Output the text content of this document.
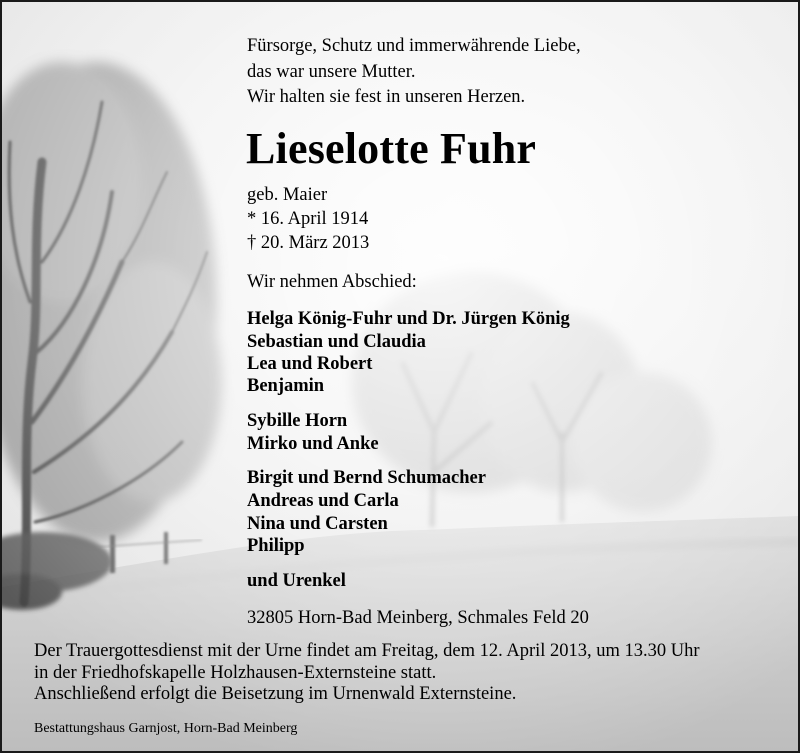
Fürsorge, Schutz und immerwährende Liebe,
das war unsere Mutter.
Wir halten sie fest in unseren Herzen.
Lieselotte Fuhr
geb. Maier
* 16. April 1914
† 20. März 2013
Wir nehmen Abschied:
Helga König-Fuhr und Dr. Jürgen König
Sebastian und Claudia
Lea und Robert
Benjamin
Sybille Horn
Mirko und Anke
Birgit und Bernd Schumacher
Andreas und Carla
Nina und Carsten
Philipp
und Urenkel
32805 Horn-Bad Meinberg, Schmales Feld 20
Der Trauergottesdienst mit der Urne findet am Freitag, dem 12. April 2013, um 13.30 Uhr
in der Friedhofskapelle Holzhausen-Externsteine statt.
Anschließend erfolgt die Beisetzung im Urnenwald Externsteine.
Bestattungshaus Garnjost, Horn-Bad Meinberg
